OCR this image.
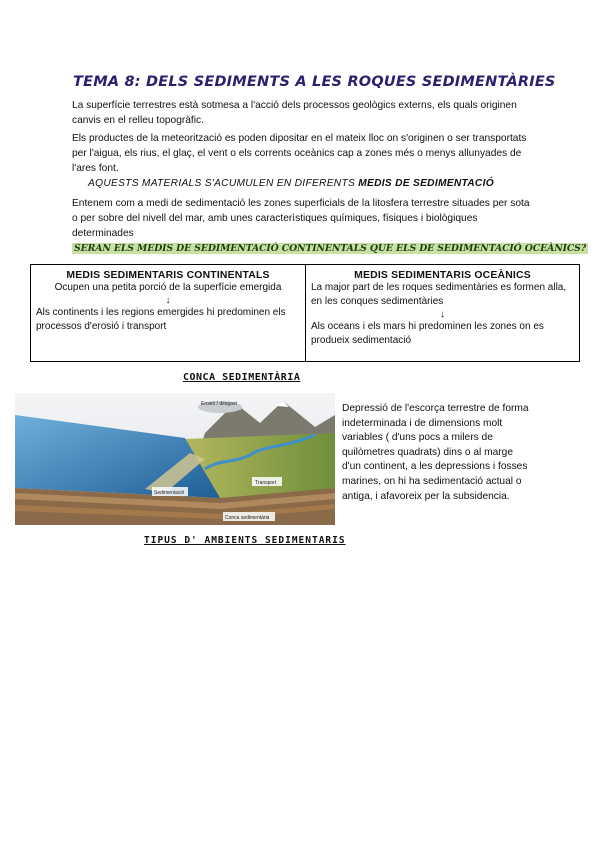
TEMA 8: DELS SEDIMENTS A LES ROQUES SEDIMENTÀRIES

La superfície terrestres està sotmesa a l'acció dels processos geològics externs, els quals originen canvis en el relleu topogràfic.

Els productes de la meteorització es poden dipositar en el mateix lloc on s'originen o ser transportats per l'aigua, els rius, el glaç, el vent o els corrents oceànics cap a zones més o menys allunyades de l'ares font.

AQUESTS MATERIALS S'ACUMULEN EN DIFERENTS MEDIS DE SEDIMENTACIÓ

Entenem com a medi de sedimentació les zones superficials de la litosfera terrestre situades per sota o per sobre del nivell del mar, amb unes caracterìstiques químiques, físiques i biològiques determinades

SERAN ELS MEDIS DE SEDIMENTACIÓ CONTINENTALS QUE ELS DE SEDIMENTACIÓ OCEÀNICS?

MEDIS SEDIMENTARIS CONTINENTALS

Ocupen una petita porció de la superfície emergida

↓

Als continents i les regions emergides hi predominen els processos d'erosió i transport

MEDIS SEDIMENTARIS OCEÀNICS

La major part de les roques sedimentàries es formen alla, en les conques sedimentàries

↓

Als oceans i els mars hi predominen les zones on es produeix sedimentació

CONCA SEDIMENTÀRIA

Erosió / desgast
Transport
Sedimentació
Conca sedimentària

Depressió de l'escorça terrestre de forma indeterminada i de dimensions molt variables ( d'uns pocs a milers de quilòmetres quadrats) dins o al marge d'un continent, a les depressions i fosses marines, on hi ha sedimentació actual o antiga, i afavoreix per la subsidencia.

TIPUS D' AMBIENTS SEDIMENTARIS
